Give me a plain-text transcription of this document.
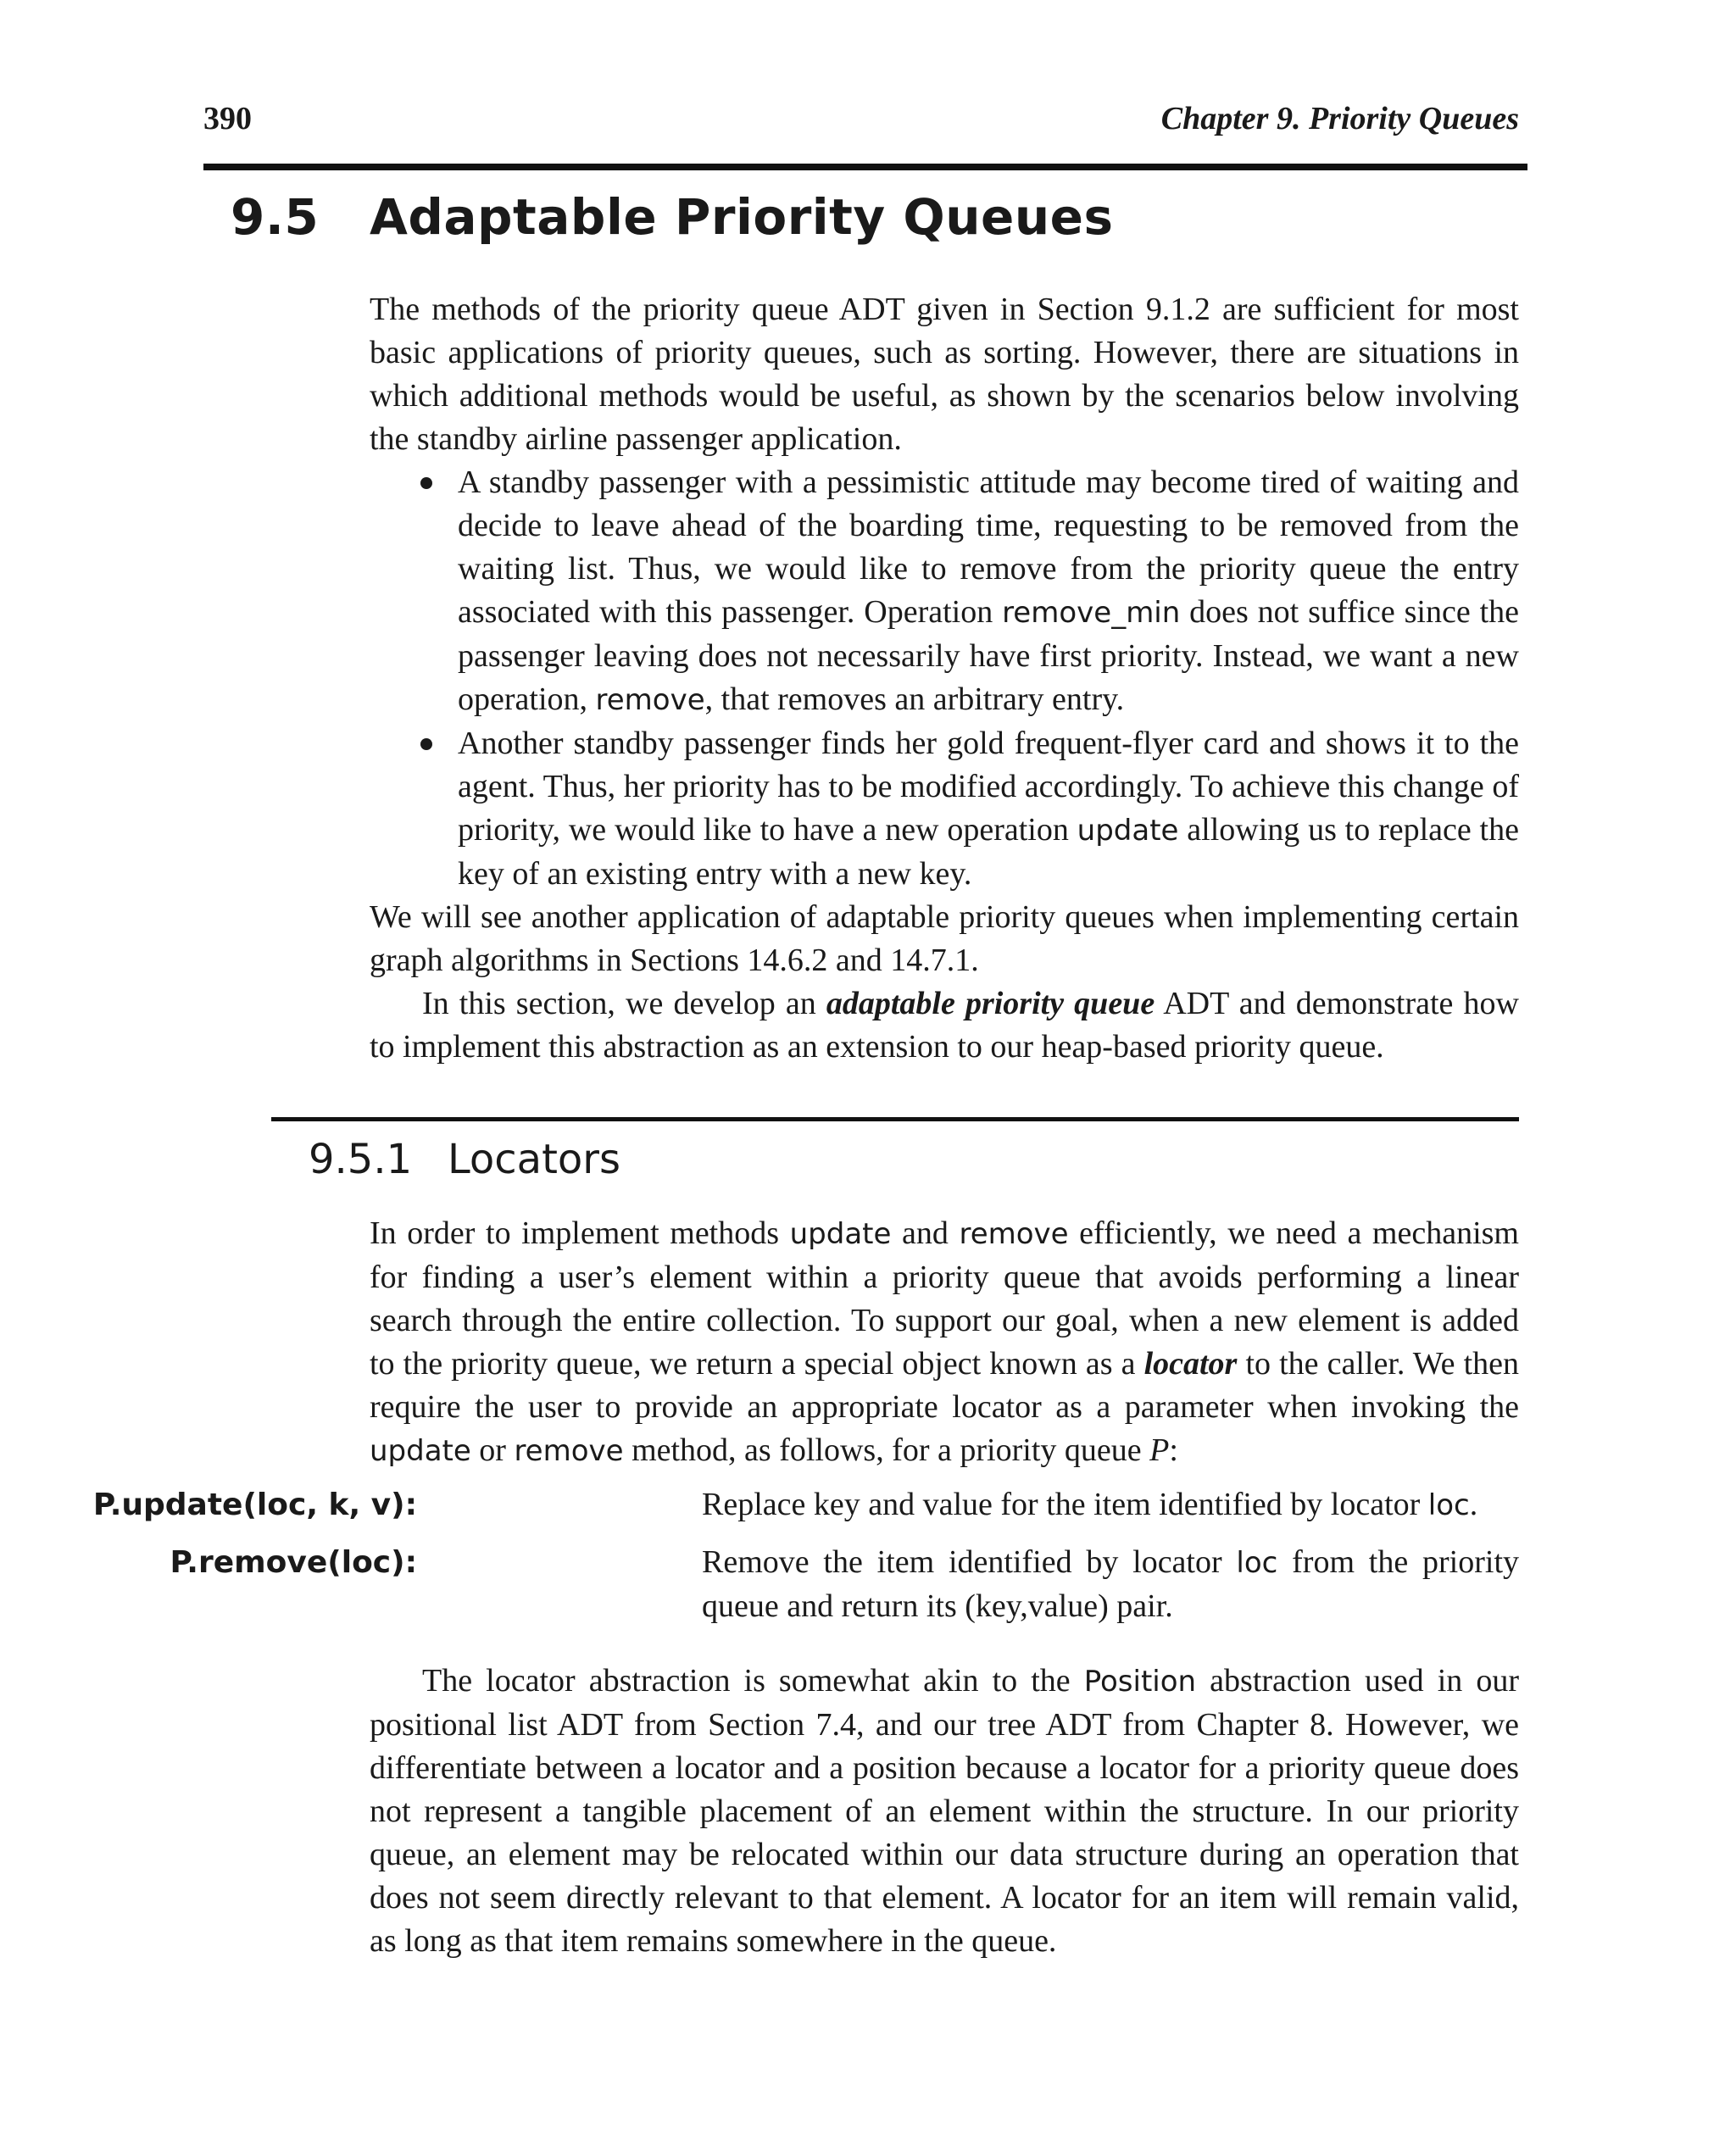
390	Chapter 9. Priority Queues
9.5 Adaptable Priority Queues

The methods of the priority queue ADT given in Section 9.1.2 are sufficient for most basic applications of priority queues, such as sorting. However, there are situations in which additional methods would be useful, as shown by the scenarios below involving the standby airline passenger application.

A standby passenger with a pessimistic attitude may become tired of waiting and decide to leave ahead of the boarding time, requesting to be removed from the waiting list. Thus, we would like to remove from the priority queue the entry associated with this passenger. Operation remove_min does not suffice since the passenger leaving does not necessarily have first priority. Instead, we want a new operation, remove, that removes an arbitrary entry.
Another standby passenger finds her gold frequent-flyer card and shows it to the agent. Thus, her priority has to be modified accordingly. To achieve this change of priority, we would like to have a new operation update allowing us to replace the key of an existing entry with a new key.

We will see another application of adaptable priority queues when implementing certain graph algorithms in Sections 14.6.2 and 14.7.1.

In this section, we develop an adaptable priority queue ADT and demonstrate how to implement this abstraction as an extension to our heap-based priority queue.

9.5.1 Locators

In order to implement methods update and remove efficiently, we need a mechanism for finding a user’s element within a priority queue that avoids performing a linear search through the entire collection. To support our goal, when a new element is added to the priority queue, we return a special object known as a locator to the caller. We then require the user to provide an appropriate locator as a parameter when invoking the update or remove method, as follows, for a priority queue P:

P.update(loc, k, v):	Replace key and value for the item identified by locator loc.
P.remove(loc):	Remove the item identified by locator loc from the priority queue and return its (key,value) pair.

The locator abstraction is somewhat akin to the Position abstraction used in our positional list ADT from Section 7.4, and our tree ADT from Chapter 8. However, we differentiate between a locator and a position because a locator for a priority queue does not represent a tangible placement of an element within the structure. In our priority queue, an element may be relocated within our data structure during an operation that does not seem directly relevant to that element. A locator for an item will remain valid, as long as that item remains somewhere in the queue.
